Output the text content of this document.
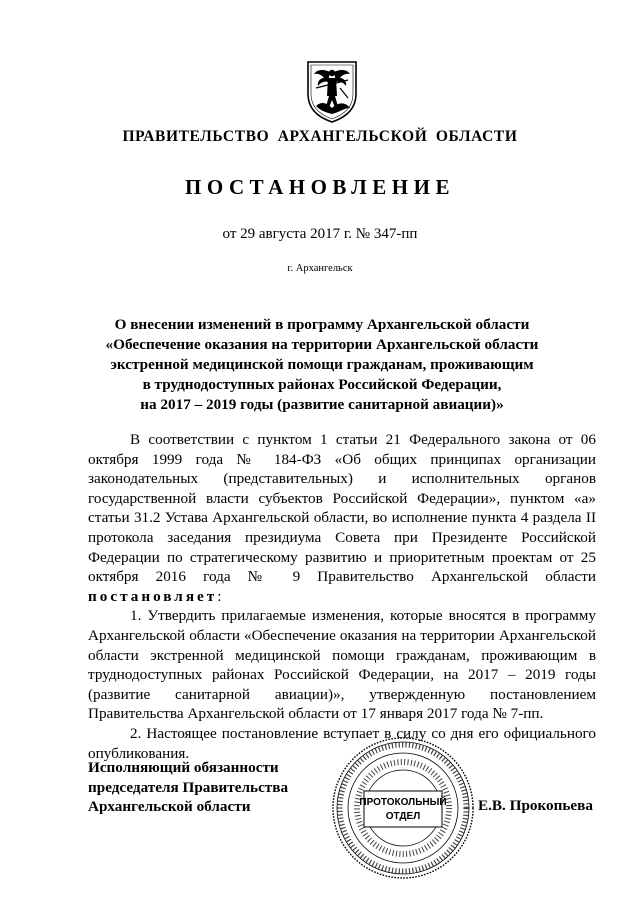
ПРАВИТЕЛЬСТВО АРХАНГЕЛЬСКОЙ ОБЛАСТИ
ПОСТАНОВЛЕНИЕ
от 29 августа 2017 г. № 347-пп
г. Архангельск
О внесении изменений в программу Архангельской области
«Обеспечение оказания на территории Архангельской области
экстренной медицинской помощи гражданам, проживающим
в труднодоступных районах Российской Федерации,
на 2017 – 2019 годы (развитие санитарной авиации)»

В соответствии с пунктом 1 статьи 21 Федерального закона от 06 октября 1999 года № 184-ФЗ «Об общих принципах организации законодательных (представительных) и исполнительных органов государственной власти субъектов Российской Федерации», пунктом «а» статьи 31.2 Устава Архангельской области, во исполнение пункта 4 раздела II протокола заседания президиума Совета при Президенте Российской Федерации по стратегическому развитию и приоритетным проектам от 25 октября 2016 года № 9 Правительство Архангельской области постановляет:

1. Утвердить прилагаемые изменения, которые вносятся в программу Архангельской области «Обеспечение оказания на территории Архангельской области экстренной медицинской помощи гражданам, проживающим в труднодоступных районах Российской Федерации, на 2017 – 2019 годы (развитие санитарной авиации)», утвержденную постановлением Правительства Архангельской области от 17 января 2017 года № 7-пп.

2. Настоящее постановление вступает в силу со дня его официального опубликования.

Исполняющий обязанности
председателя Правительства
Архангельской области	ПРОТОКОЛЬНЫЙ
ОТДЕЛ
Е.В. Прокопьева
